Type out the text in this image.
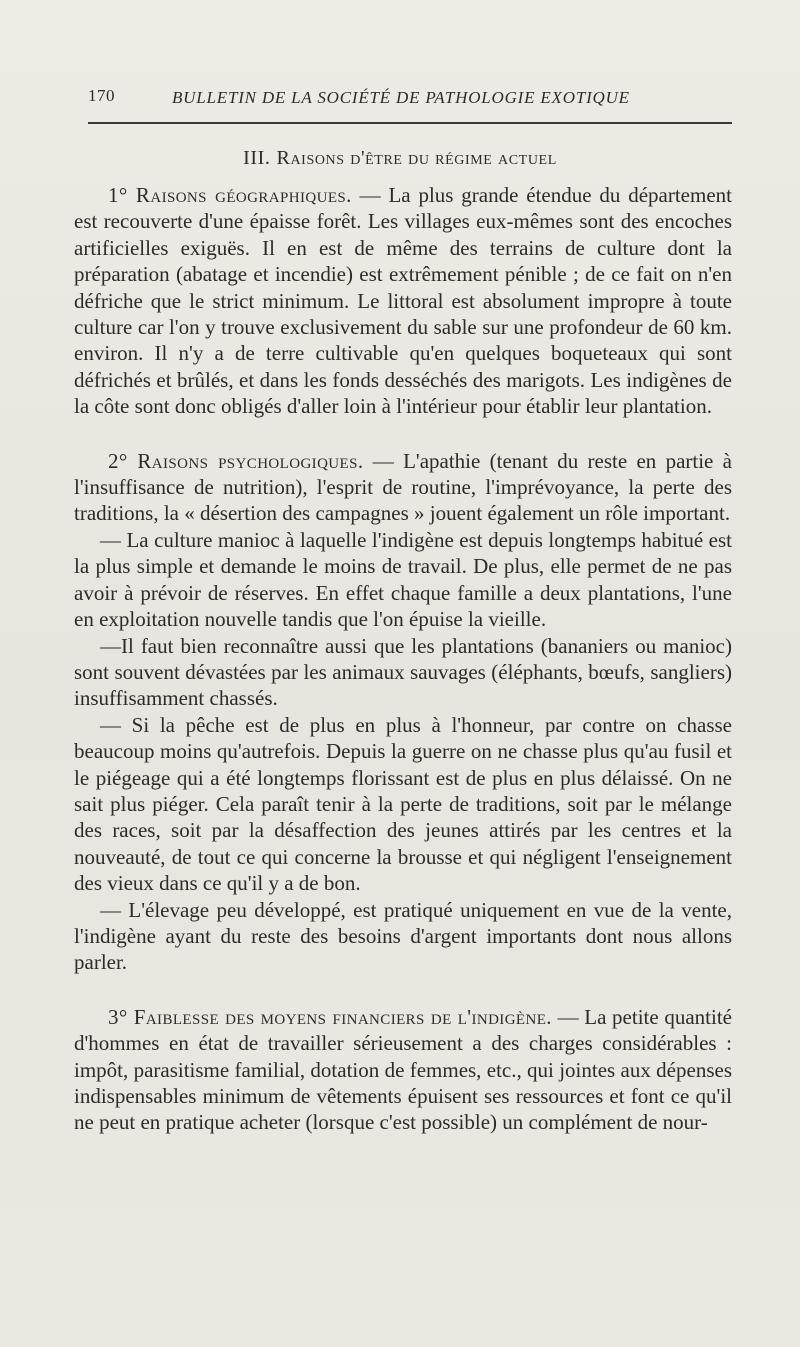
170	BULLETIN DE LA SOCIÉTÉ DE PATHOLOGIE EXOTIQUE
III. Raisons d'être du régime actuel

1° Raisons géographiques. — La plus grande étendue du département est recouverte d'une épaisse forêt. Les villages eux-mêmes sont des encoches artificielles exiguës. Il en est de même des terrains de culture dont la préparation (abatage et incendie) est extrêmement pénible ; de ce fait on n'en défriche que le strict minimum. Le littoral est absolument impropre à toute culture car l'on y trouve exclusivement du sable sur une profondeur de 60 km. environ. Il n'y a de terre cultivable qu'en quelques boqueteaux qui sont défrichés et brûlés, et dans les fonds desséchés des marigots. Les indigènes de la côte sont donc obligés d'aller loin à l'intérieur pour établir leur plantation.

2° Raisons psychologiques. — L'apathie (tenant du reste en partie à l'insuffisance de nutrition), l'esprit de routine, l'imprévoyance, la perte des traditions, la « désertion des campagnes » jouent également un rôle important.

— La culture manioc à laquelle l'indigène est depuis longtemps habitué est la plus simple et demande le moins de travail. De plus, elle permet de ne pas avoir à prévoir de réserves. En effet chaque famille a deux plantations, l'une en exploitation nouvelle tandis que l'on épuise la vieille.

—Il faut bien reconnaître aussi que les plantations (bananiers ou manioc) sont souvent dévastées par les animaux sauvages (éléphants, bœufs, sangliers) insuffisamment chassés.

— Si la pêche est de plus en plus à l'honneur, par contre on chasse beaucoup moins qu'autrefois. Depuis la guerre on ne chasse plus qu'au fusil et le piégeage qui a été longtemps florissant est de plus en plus délaissé. On ne sait plus piéger. Cela paraît tenir à la perte de traditions, soit par le mélange des races, soit par la désaffection des jeunes attirés par les centres et la nouveauté, de tout ce qui concerne la brousse et qui négligent l'enseignement des vieux dans ce qu'il y a de bon.

— L'élevage peu développé, est pratiqué uniquement en vue de la vente, l'indigène ayant du reste des besoins d'argent importants dont nous allons parler.

3° Faiblesse des moyens financiers de l'indigène. — La petite quantité d'hommes en état de travailler sérieusement a des charges considérables : impôt, parasitisme familial, dotation de femmes, etc., qui jointes aux dépenses indispensables minimum de vêtements épuisent ses ressources et font ce qu'il ne peut en pratique acheter (lorsque c'est possible) un complément de nour-
